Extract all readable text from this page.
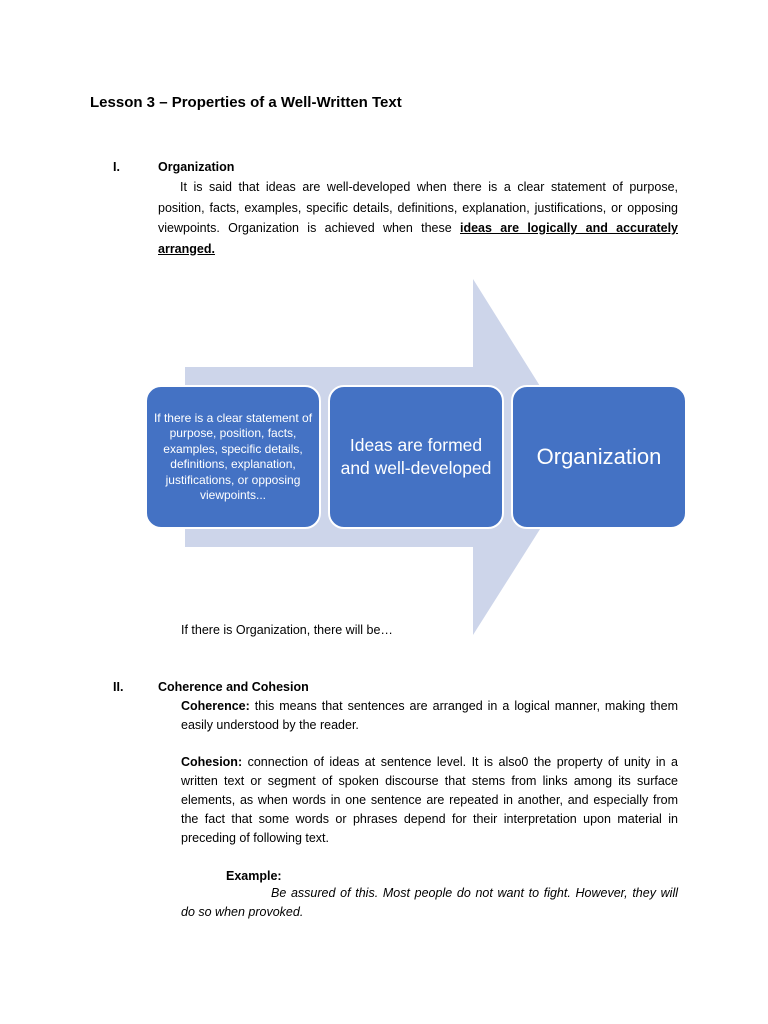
Lesson 3 – Properties of a Well-Written Text
I.	Organization
It is said that ideas are well-developed when there is a clear statement of purpose, position, facts, examples, specific details, definitions, explanation, justifications, or opposing viewpoints. Organization is achieved when these ideas are logically and accurately arranged.
If there is a clear statement of purpose, position, facts, examples, specific details, definitions, explanation, justifications, or opposing viewpoints...
Ideas are formed and well-developed Organization
If there is Organization, there will be…
II.	Coherence and Cohesion
Coherence: this means that sentences are arranged in a logical manner, making them easily understood by the reader.
Cohesion: connection of ideas at sentence level. It is also0 the property of unity in a written text or segment of spoken discourse that stems from links among its surface elements, as when words in one sentence are repeated in another, and especially from the fact that some words or phrases depend for their interpretation upon material in preceding of following text.
Example:
Be assured of this. Most people do not want to fight. However, they will do so when provoked.
